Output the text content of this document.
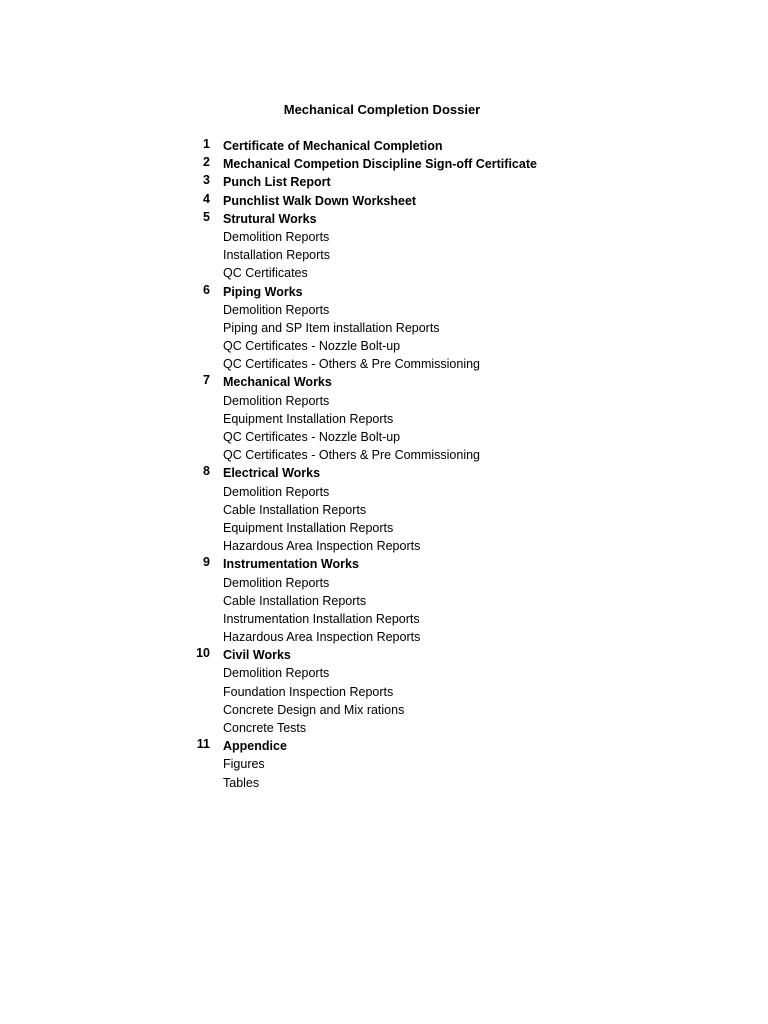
Mechanical Completion Dossier
1 Certificate of Mechanical Completion
2 Mechanical Competion Discipline Sign-off Certificate
3 Punch List Report
4 Punchlist Walk Down Worksheet
5 Strutural Works
Demolition Reports
Installation Reports
QC Certificates
6 Piping Works
Demolition Reports
Piping and SP Item installation Reports
QC Certificates - Nozzle Bolt-up
QC Certificates - Others & Pre Commissioning
7 Mechanical Works
Demolition Reports
Equipment Installation Reports
QC Certificates - Nozzle Bolt-up
QC Certificates - Others & Pre Commissioning
8 Electrical Works
Demolition Reports
Cable Installation Reports
Equipment Installation Reports
Hazardous Area Inspection Reports
9 Instrumentation Works
Demolition Reports
Cable Installation Reports
Instrumentation Installation Reports
Hazardous Area Inspection Reports
10 Civil Works
Demolition Reports
Foundation Inspection Reports
Concrete Design and Mix rations
Concrete Tests
11 Appendice
Figures
Tables
